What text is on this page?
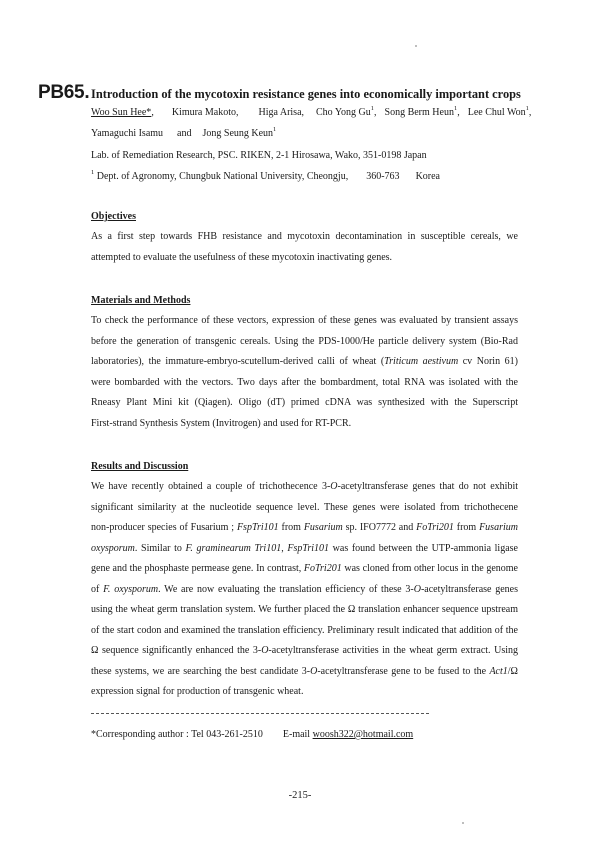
PB65. Introduction of the mycotoxin resistance genes into economically important crops
Woo Sun Hee*, Kimura Makoto, Higa Arisa, Cho Yong Gu$^1$, Song Berm Heun$^1$, Lee Chul Won$^1$,
Yamaguchi Isamu and Jong Seung Keun$^1$
Lab. of Remediation Research, PSC. RIKEN, 2-1 Hirosawa, Wako, 351-0198 Japan
$^1$ Dept. of Agronomy, Chungbuk National University, Cheongju, 360-763 Korea
Objectives
As a first step towards FHB resistance and mycotoxin decontamination in susceptible cereals, we
attempted to evaluate the usefulness of these mycotoxin inactivating genes.
Materials and Methods
To check the performance of these vectors, expression of these genes was evaluated by transient assays
before the generation of transgenic cereals. Using the PDS-1000/He particle delivery system (Bio-Rad
laboratories), the immature-embryo-scutellum-derived calli of wheat (Triticum aestivum cv Norin 61)
were bombarded with the vectors. Two days after the bombardment, total RNA was isolated with the
Rneasy Plant Mini kit (Qiagen). Oligo (dT) primed cDNA was synthesized with the Superscript
First-strand Synthesis System (Invitrogen) and used for RT-PCR.
Results and Discussion
We have recently obtained a couple of trichothecence 3-O-acetyltransferase genes that do not exhibit
significant similarity at the nucleotide sequence level. These genes were isolated from trichothecene
non-producer species of Fusarium ; FspTri101 from Fusarium sp. IFO7772 and FoTri201 from Fusarium
oxysporum. Similar to F. graminearum Tri101, FspTri101 was found between the UTP-ammonia ligase
gene and the phosphaste permease gene. In contrast, FoTri201 was cloned from other locus in the genome
of F. oxysporum. We are now evaluating the translation efficiency of these 3-O-acetyltransferase genes
using the wheat germ translation system. We further placed the Ω translation enhancer sequence upstream
of the start codon and examined the translation efficiency. Preliminary result indicated that addition of the
Ω sequence significantly enhanced the 3-O-acetyltransferase activities in the wheat germ extract. Using
these systems, we are searching the best candidate 3-O-acetyltransferase gene to be fused to the Act1/Ω
expression signal for production of transgenic wheat.
*Corresponding author : Tel 043-261-2510 E-mail woosh322@hotmail.com
-215-
